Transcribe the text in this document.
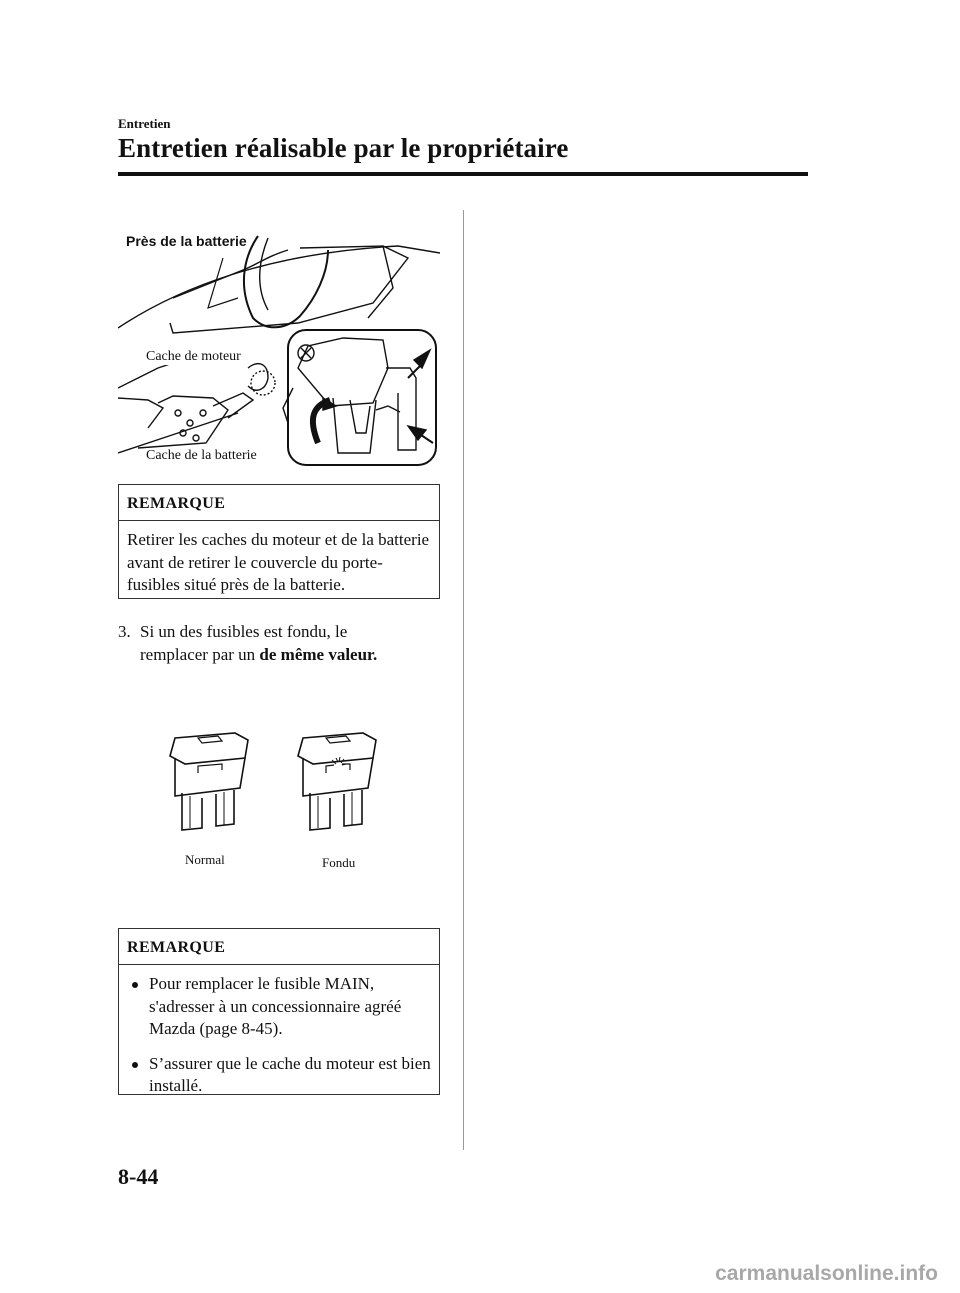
Entretien
Entretien réalisable par le propriétaire
Près de la batterie
Cache de moteur
Cache de la batterie
REMARQUE
Retirer les caches du moteur et de la batterie avant de retirer le couvercle du porte-fusibles situé près de la batterie.
3. Si un des fusibles est fondu, le
remplacer par un de même valeur.
Normal	Fondu
REMARQUE
Pour remplacer le fusible MAIN, s'adresser à un concessionnaire agréé Mazda (page 8-45).
S’assurer que le cache du moteur est bien installé.
8-44
carmanualsonline.info
